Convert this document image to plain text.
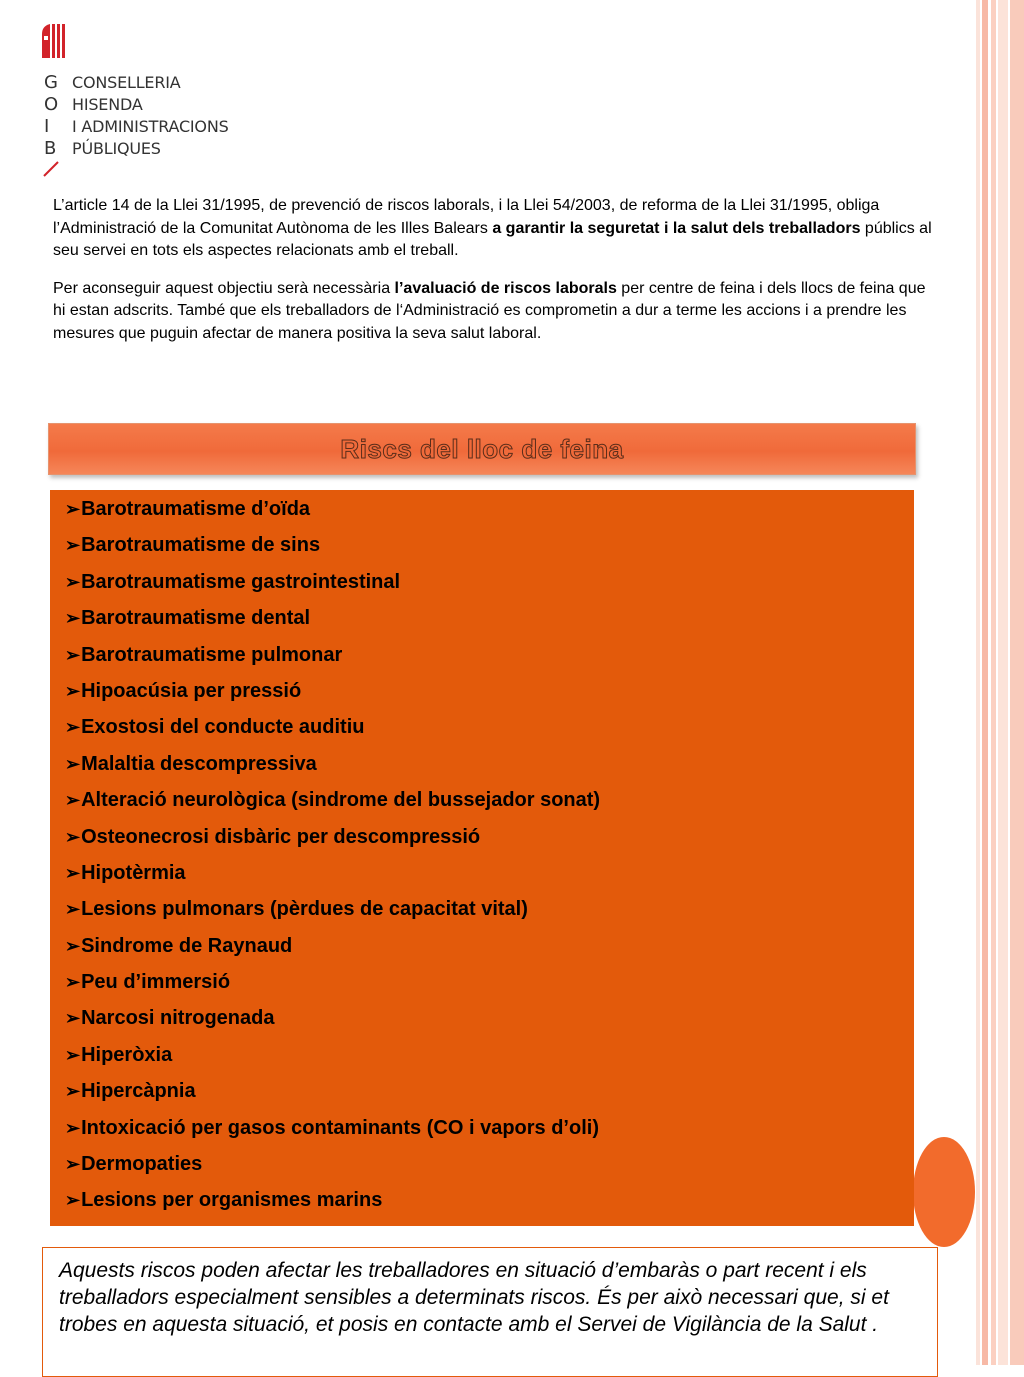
G
O
I
B
CONSELLERIA
HISENDA
I ADMINISTRACIONS
PÚBLIQUES

L’article 14 de la Llei 31/1995, de prevenció de riscos laborals, i la Llei 54/2003, de reforma de la Llei 31/1995, obliga l’Administració de la Comunitat Autònoma de les Illes Balears a garantir la seguretat i la salut dels treballadors públics al seu servei en tots els aspectes relacionats amb el treball.

Per aconseguir aquest objectiu serà necessària l’avaluació de riscos laborals per centre de feina i dels llocs de feina que hi estan adscrits. També que els treballadors de l‘Administració es comprometin a dur a terme les accions i a prendre les mesures que puguin afectar de manera positiva la seva salut laboral.

Riscs del lloc de feina
➢ Barotraumatisme d’oïda
➢ Barotraumatisme de sins
➢ Barotraumatisme gastrointestinal
➢ Barotraumatisme dental
➢ Barotraumatisme pulmonar
➢ Hipoacúsia per pressió
➢ Exostosi del conducte auditiu
➢ Malaltia descompressiva
➢ Alteració neurològica (sindrome del bussejador sonat)
➢ Osteonecrosi disbàric per descompressió
➢ Hipotèrmia
➢ Lesions pulmonars (pèrdues de capacitat vital)
➢ Sindrome de Raynaud
➢ Peu d’immersió
➢ Narcosi nitrogenada
➢ Hiperòxia
➢ Hipercàpnia
➢ Intoxicació per gasos contaminants (CO i vapors d’oli)
➢ Dermopaties
➢ Lesions per organismes marins
Aquests riscos poden afectar les treballadores en situació d’embaràs o part recent i els treballadors especialment sensibles a determinats riscos. És per això necessari que, si et trobes en aquesta situació, et posis en contacte amb el Servei de Vigilància de la Salut .
